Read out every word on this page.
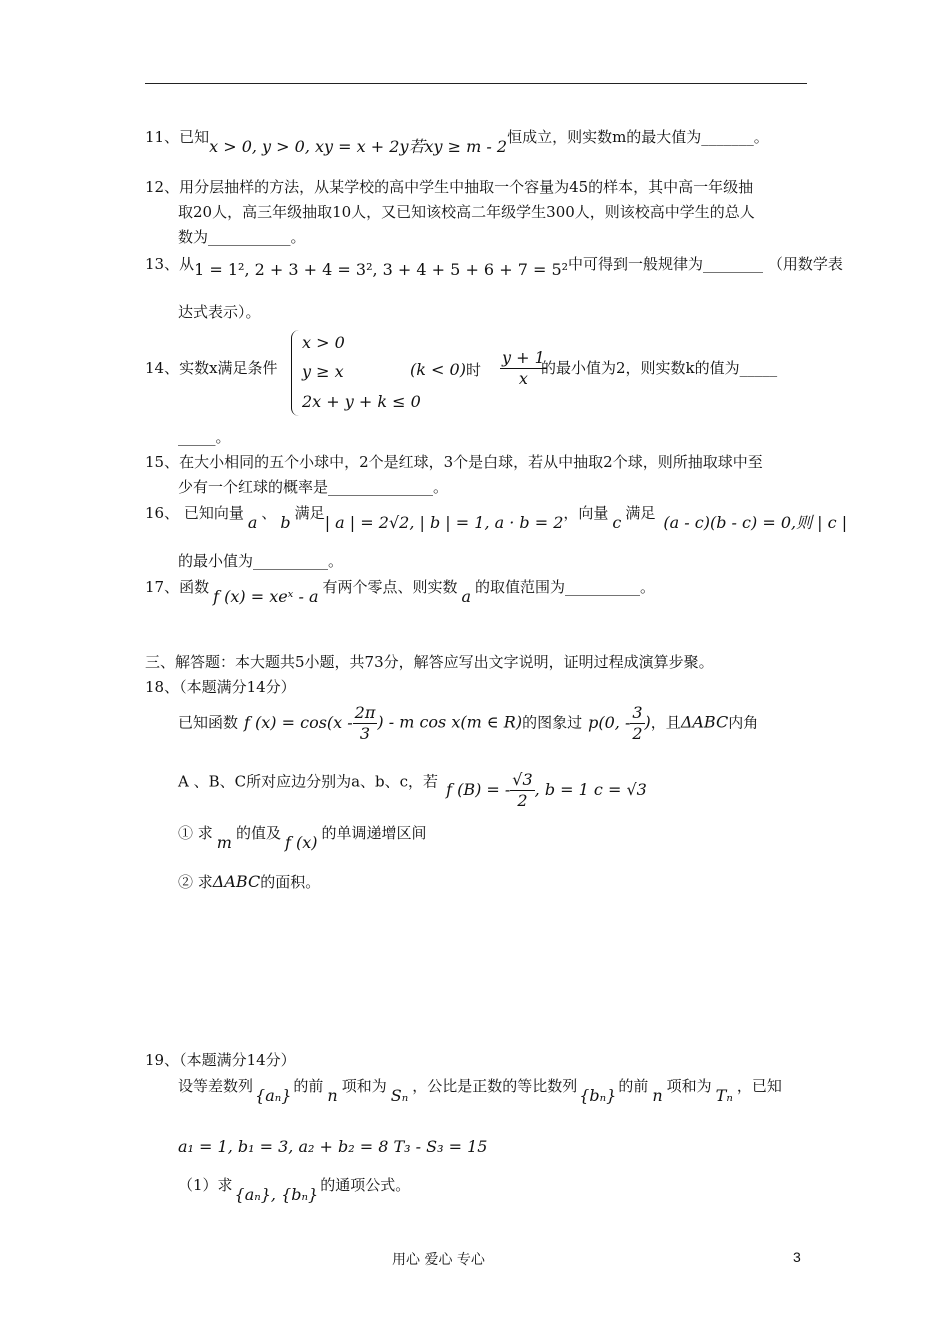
11、已知x > 0, y > 0, xy = x + 2y若xy ≥ m - 2恒成立，则实数m的最大值为_______。
12、用分层抽样的方法，从某学校的高中学生中抽取一个容量为45的样本，其中高一年级抽
取20人，高三年级抽取10人，又已知该校高二年级学生300人，则该校高中学生的总人
数为___________。
13、从1 = 1², 2 + 3 + 4 = 3², 3 + 4 + 5 + 6 + 7 = 5²中可得到一般规律为________ （用数学表
达式表示）。
14、实数x满足条件
x > 0
y ≥ x
2x + y + k ≤ 0
(k < 0)时 $\frac{y + 1}{x}$
的最小值为2，则实数k的值为_____
_____。
15、在大小相同的五个小球中，2个是红球，3个是白球，若从中抽取2个球，则所抽取球中至
少有一个红球的概率是______________。
16、 已知向量 a 、 b 满足| a | = 2√2, | b | = 1, a · b = 2，向量 c 满足 (a - c)(b - c) = 0,则 | c |
的最小值为__________。
17、函数 f (x) = xeˣ - a 有两个零点、则实数 a 的取值范围为__________。
三、解答题：本大题共5小题，共73分，解答应写出文字说明，证明过程成演算步聚。
18、（本题满分14分）
已知函数 f $(x) = \cos(x - \frac{2\pi}{3}$ ) - m cos x(m ∈ R)的图象过 p(0, - $\frac{3}{2}$ )，且ΔABC内角
A 、B、C所对应边分别为a、b、c，若 f (B) = - $\frac{√3}{2}$ , b = 1 c = √3
① 求 m 的值及 f (x) 的单调递增区间
② 求ΔABC的面积。
19、（本题满分14分）
设等差数列 {aₙ} 的前 n 项和为 Sₙ ，公比是正数的等比数列 {bₙ} 的前 n 项和为 Tₙ ，已知
a₁ = 1, b₁ = 3, a₂ + b₂ = 8 T₃ - S₃ = 15
（1）求 {aₙ}, {bₙ} 的通项公式。
用心 爱心 专心	3
